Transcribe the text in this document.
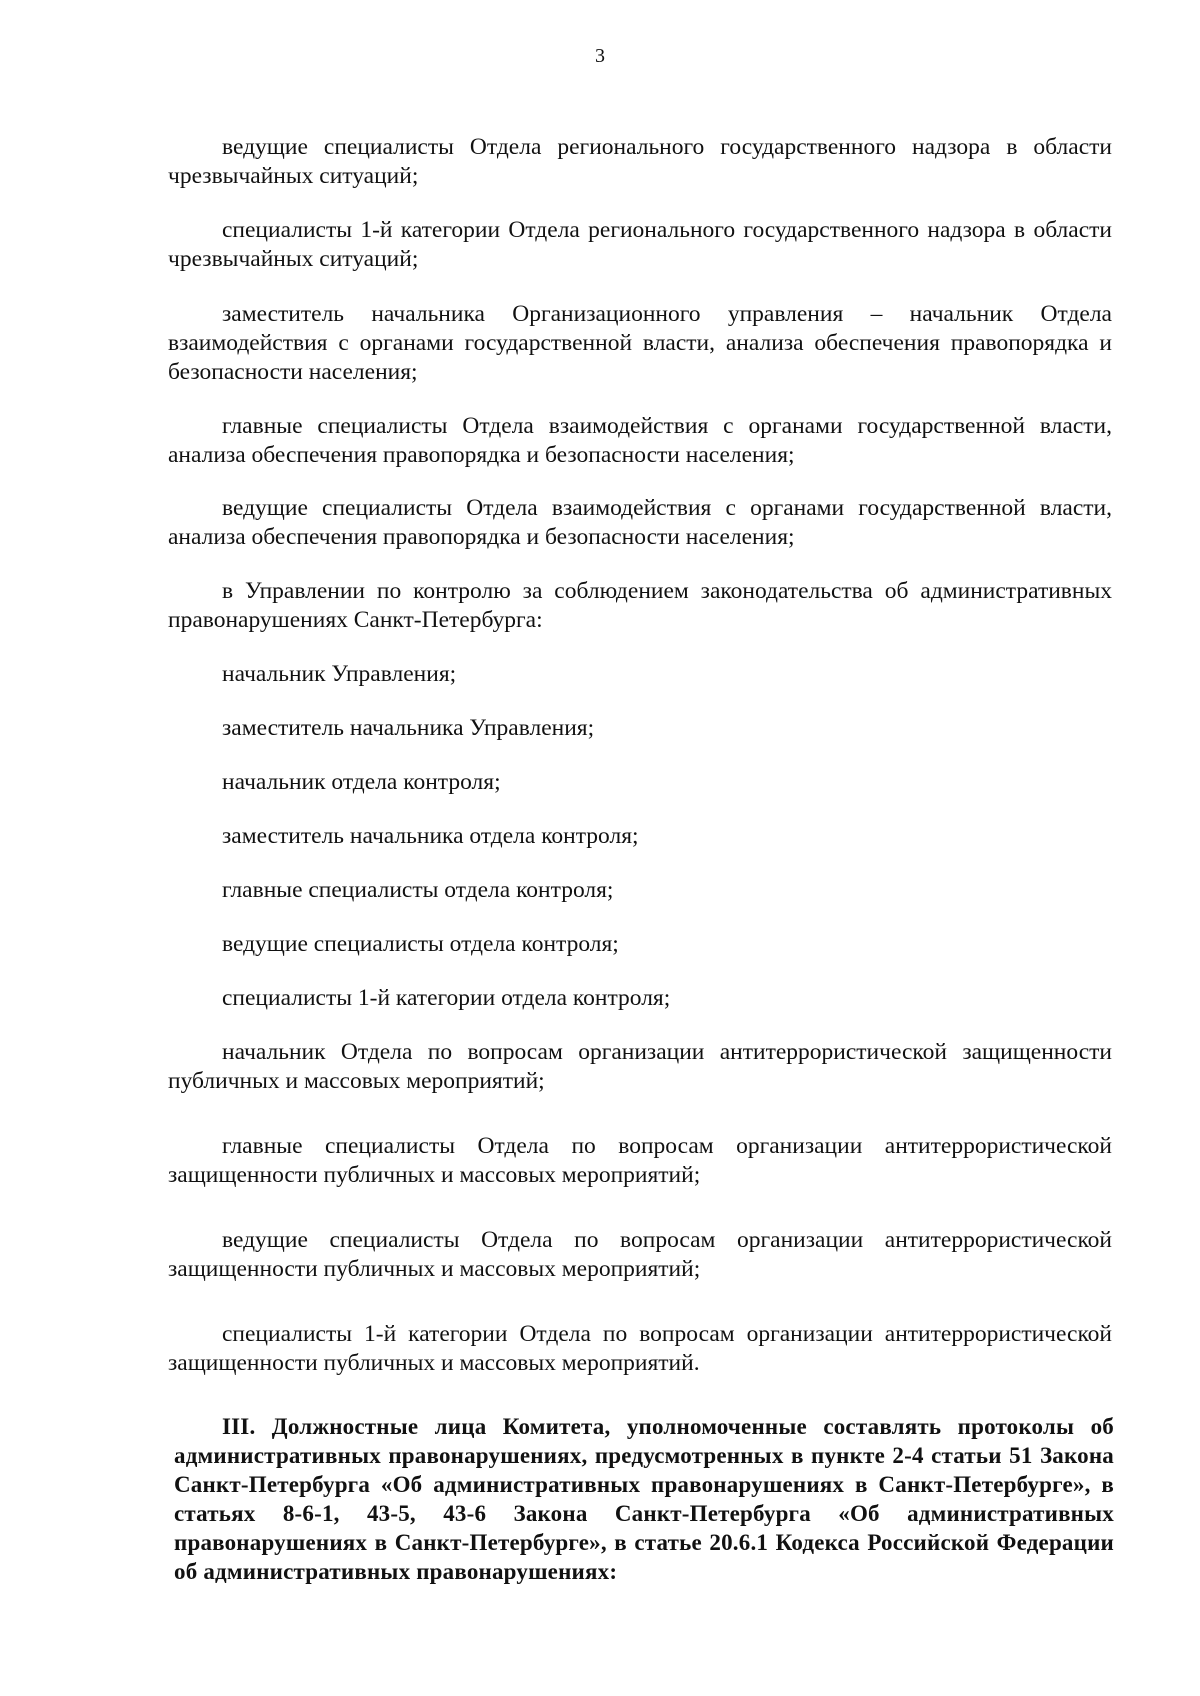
3
ведущие специалисты Отдела регионального государственного надзора в области чрезвычайных ситуаций;
специалисты 1-й категории Отдела регионального государственного надзора в области чрезвычайных ситуаций;
заместитель начальника Организационного управления – начальник Отдела взаимодействия с органами государственной власти, анализа обеспечения правопорядка и безопасности населения;
главные специалисты Отдела взаимодействия с органами государственной власти, анализа обеспечения правопорядка и безопасности населения;
ведущие специалисты Отдела взаимодействия с органами государственной власти, анализа обеспечения правопорядка и безопасности населения;
в Управлении по контролю за соблюдением законодательства об административных правонарушениях Санкт-Петербурга:
начальник Управления;
заместитель начальника Управления;
начальник отдела контроля;
заместитель начальника отдела контроля;
главные специалисты отдела контроля;
ведущие специалисты отдела контроля;
специалисты 1-й категории отдела контроля;
начальник Отдела по вопросам организации антитеррористической защищенности публичных и массовых мероприятий;
главные специалисты Отдела по вопросам организации антитеррористической защищенности публичных и массовых мероприятий;
ведущие специалисты Отдела по вопросам организации антитеррористической защищенности публичных и массовых мероприятий;
специалисты 1-й категории Отдела по вопросам организации антитеррористической защищенности публичных и массовых мероприятий.
III. Должностные лица Комитета, уполномоченные составлять протоколы об административных правонарушениях, предусмотренных в пункте 2-4 статьи 51 Закона Санкт-Петербурга «Об административных правонарушениях в Санкт-Петербурге», в статьях 8-6-1, 43-5, 43-6 Закона Санкт-Петербурга «Об административных правонарушениях в Санкт-Петербурге», в статье 20.6.1 Кодекса Российской Федерации об административных правонарушениях:
